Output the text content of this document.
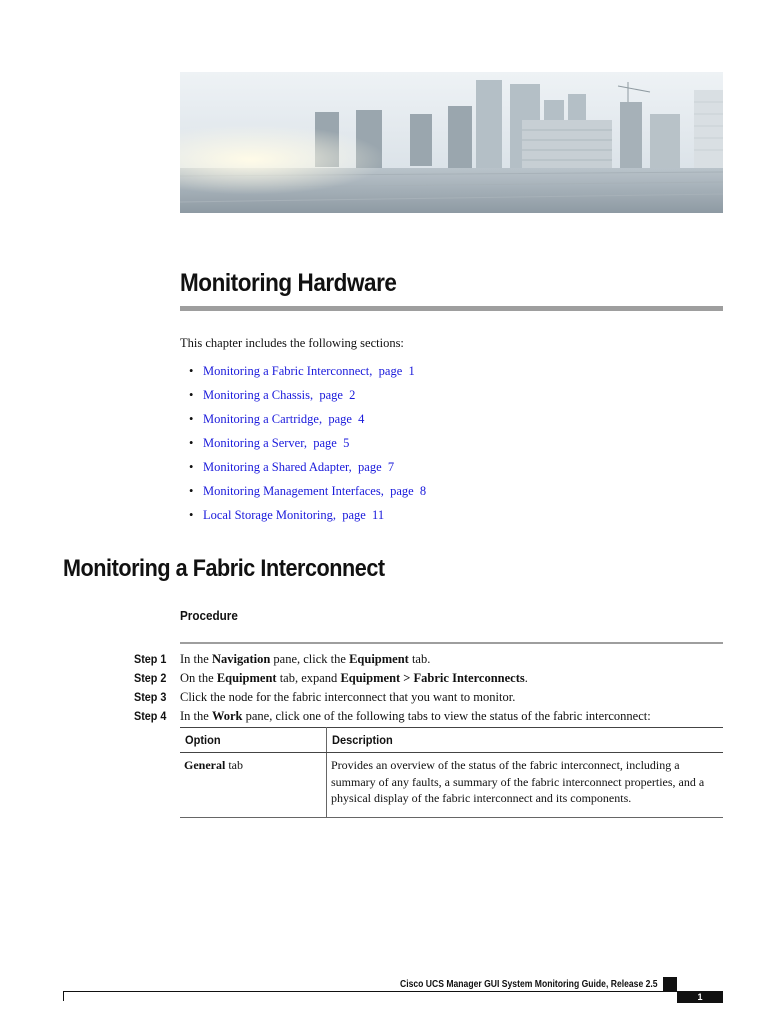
Monitoring Hardware
This chapter includes the following sections:
• Monitoring a Fabric Interconnect,  page  1
• Monitoring a Chassis,  page  2
• Monitoring a Cartridge,  page  4
• Monitoring a Server,  page  5
• Monitoring a Shared Adapter,  page  7
• Monitoring Management Interfaces,  page  8
• Local Storage Monitoring,  page  11
Monitoring a Fabric Interconnect
Procedure
Step 1 In the Navigation pane, click the Equipment tab.
Step 2 On the Equipment tab, expand Equipment > Fabric Interconnects.
Step 3 Click the node for the fabric interconnect that you want to monitor.
Step 4 In the Work pane, click one of the following tabs to view the status of the fabric interconnect:
Option	Description
General tab	Provides an overview of the status of the fabric interconnect, including a summary of any faults, a summary of the fabric interconnect properties, and a physical display of the fabric interconnect and its components.
Cisco UCS Manager GUI System Monitoring Guide, Release 2.5
1
